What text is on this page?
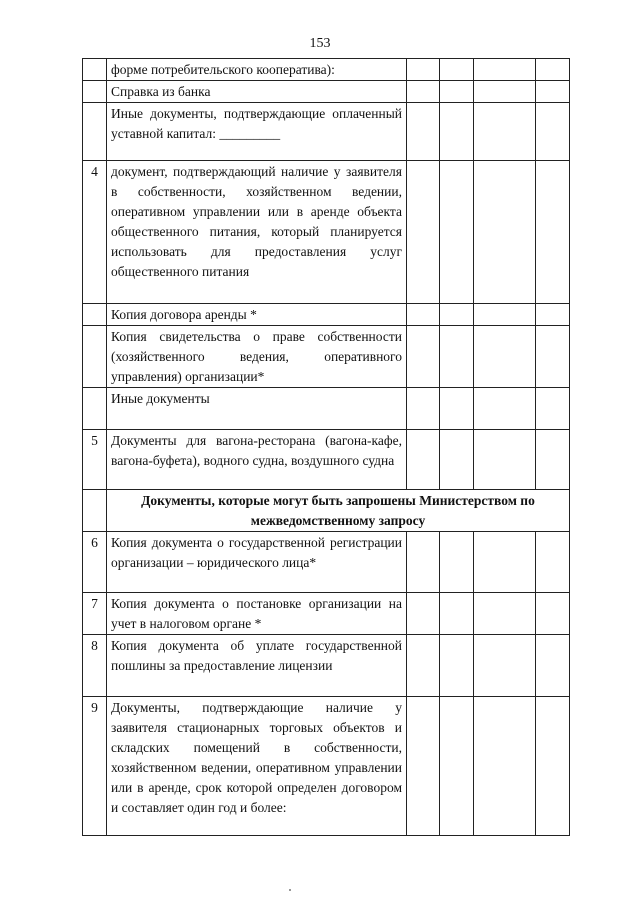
153
	форме потребительского кооператива):				
	Справка из банка				
	Иные документы, подтверждающие оплаченный уставной капитал: _________				
4	документ, подтверждающий наличие у заявителя в собственности, хозяйственном ведении, оперативном управлении или в аренде объекта общественного питания, который планируется использовать для предоставления услуг общественного питания				
	Копия договора аренды *				
	Копия свидетельства о праве собственности (хозяйственного ведения, оперативного управления) организации*				
	Иные документы				
5	Документы для вагона-ресторана (вагона-кафе, вагона-буфета), водного судна, воздушного судна				
	Документы, которые могут быть запрошены Министерством по межведомственному запросу				
6	Копия документа о государственной регистрации организации – юридического лица*				
7	Копия документа о постановке организации на учет в налоговом органе *				
8	Копия документа об уплате государственной пошлины за предоставление лицензии				
9	Документы, подтверждающие наличие у заявителя стационарных торговых объектов и складских помещений в собственности, хозяйственном ведении, оперативном управлении или в аренде, срок которой определен договором и составляет один год и более:				
